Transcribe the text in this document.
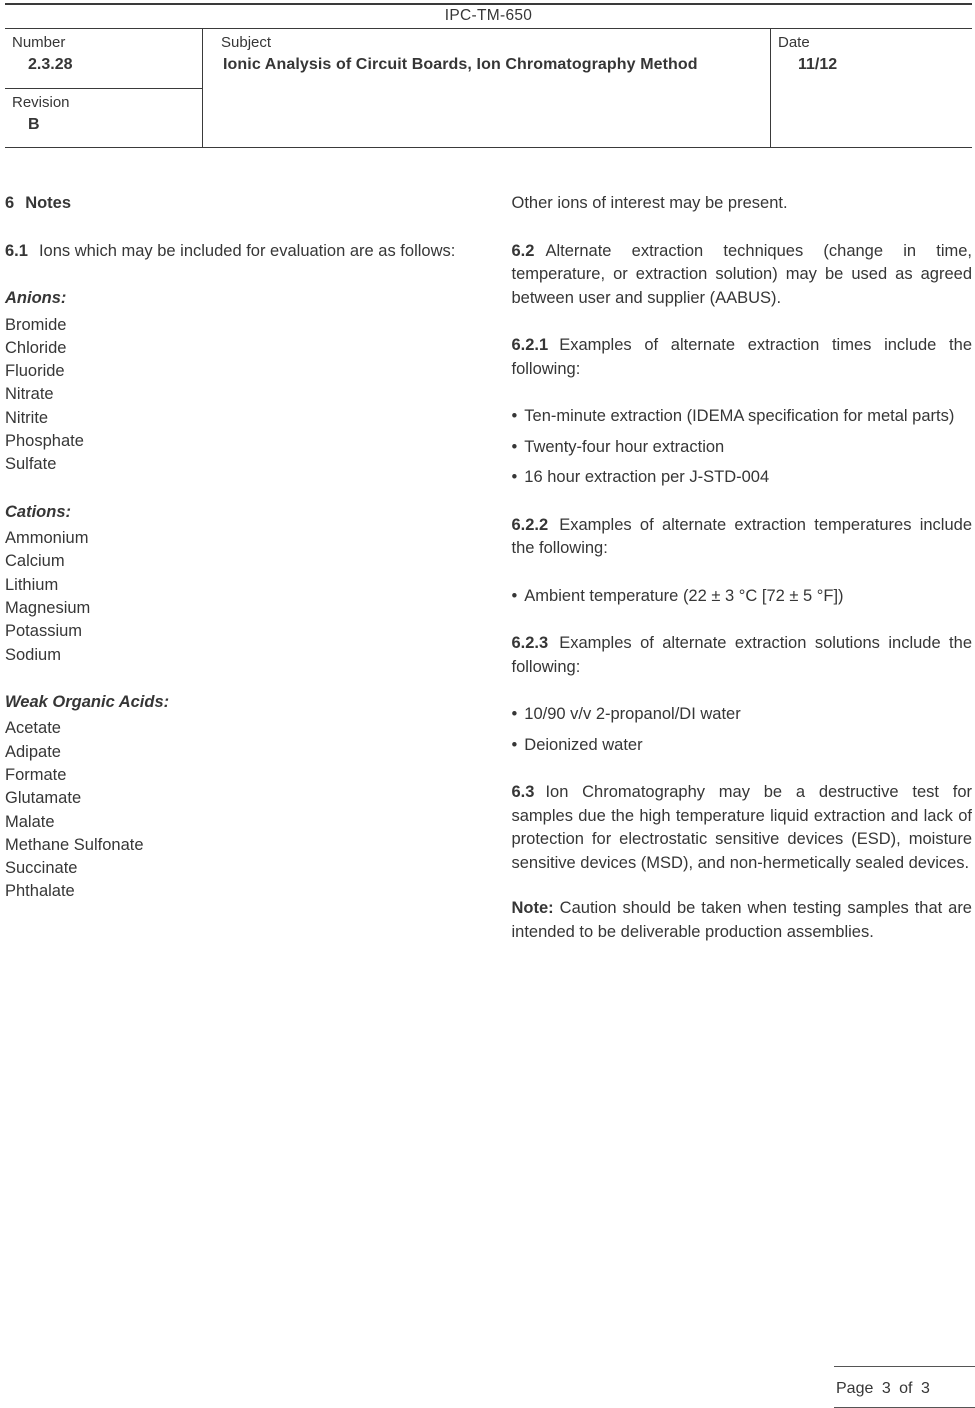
IPC-TM-650
Number
2.3.28
Revision
B
Subject
Ionic Analysis of Circuit Boards, Ion Chromatography Method
Date
11/12

6 Notes

6.1 Ions which may be included for evaluation are as follows:

Anions:
Bromide
Chloride
Fluoride
Nitrate
Nitrite
Phosphate
Sulfate
Cations:
Ammonium
Calcium
Lithium
Magnesium
Potassium
Sodium
Weak Organic Acids:
Acetate
Adipate
Formate
Glutamate
Malate
Methane Sulfonate
Succinate
Phthalate

Other ions of interest may be present.

6.2 Alternate extraction techniques (change in time, temperature, or extraction solution) may be used as agreed between user and supplier (AABUS).

6.2.1 Examples of alternate extraction times include the following:

•
Ten-minute extraction (IDEMA specification for metal parts)
•
Twenty-four hour extraction
•
16 hour extraction per J-STD-004

6.2.2 Examples of alternate extraction temperatures include the following:

•
Ambient temperature (22 ± 3 °C [72 ± 5 °F])

6.2.3 Examples of alternate extraction solutions include the following:

•
10/90 v/v 2-propanol/DI water
•
Deionized water

6.3 Ion Chromatography may be a destructive test for samples due the high temperature liquid extraction and lack of protection for electrostatic sensitive devices (ESD), moisture sensitive devices (MSD), and non-hermetically sealed devices.

Note: Caution should be taken when testing samples that are intended to be deliverable production assemblies.

Page 3 of 3
